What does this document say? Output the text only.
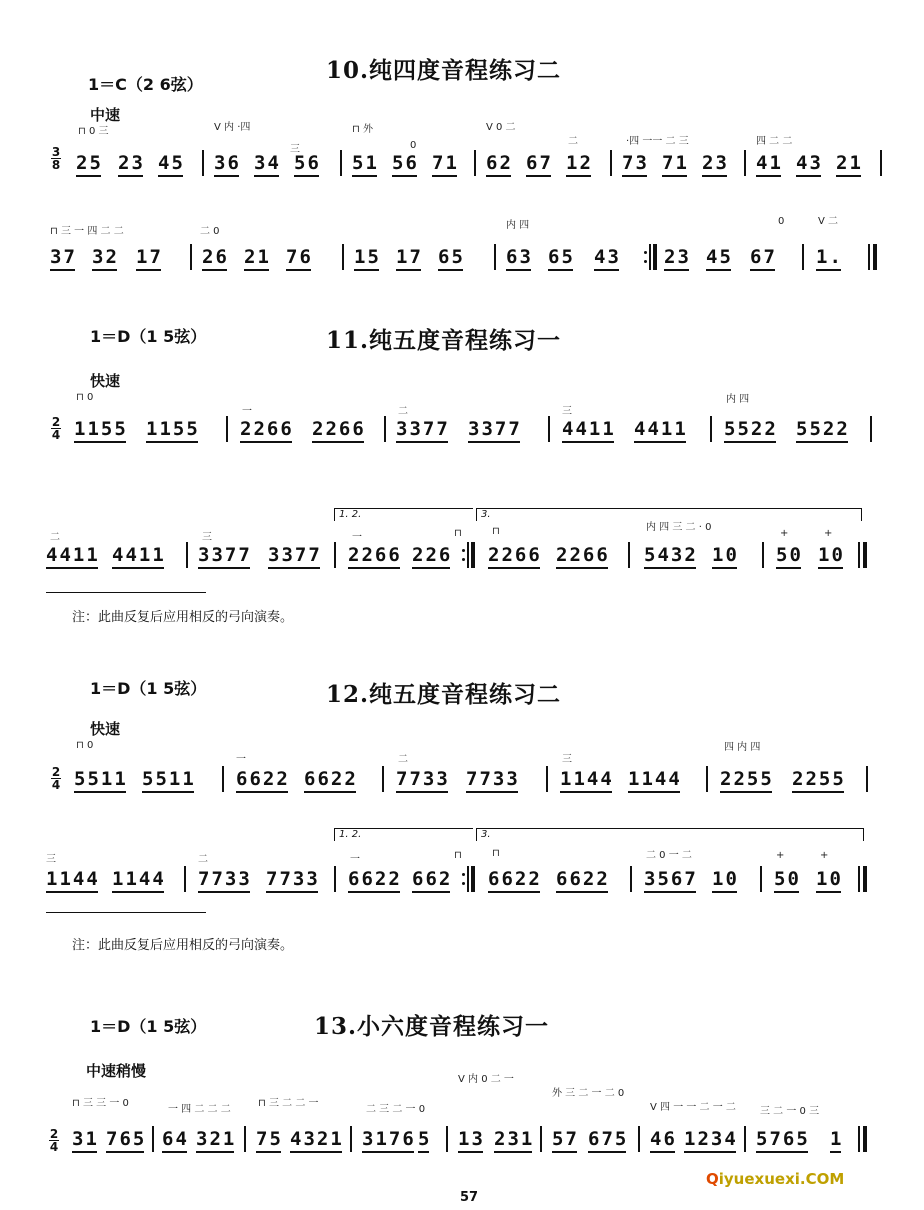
1＝C（2 6弦）
10.纯四度音程练习二
中速
3
8
⊓ 0 三	V 内 ·四
三
⊓ 外
0
V 0 二
二	·四 一一 二 三	四 二 二
25 23 45 36 34 56 51 56 71 62 67 12 73 71 23 41 43 21
⊓ 三 一 四 二 二	二 0
内 四	0	V 二
37 32 17 26 21 76 15 17 65 63 65 43 23 45 67 1.
1＝D（1 5弦）	11.纯五度音程练习一
快速
2
4
⊓ 0
一	二	三
内 四
1155 1155 2266 2266 3377 3377 4411 4411 5522 5522
1. 2.	3.
二	三	一	⊓	⊓	内 四 三 二 · 0
+	+
4411 4411 3377 3377 2266 226 2266 2266 5432 10 50 10
注：此曲反复后应用相反的弓向演奏。
1＝D（1 5弦）	12.纯五度音程练习二
快速
2
4
⊓ 0
一	二	三
四 内 四
5511 5511 6622 6622 7733 7733 1144 1144 2255 2255
1. 2.	3.
三	二	一	⊓	⊓	二 0 一 二	+	+
1144 1144 7733 7733 6622 662 6622 6622 3567 10 50 10
注：此曲反复后应用相反的弓向演奏。
1＝D（1 5弦）	13.小六度音程练习一
中速稍慢
2
4
⊓ 三 三 一 0
一 四 二 二 二
⊓ 三 二 二 一
二 三 二 一 0
V 内 0 二 一
外 三 二 一 二 0
V 四 一 一 二 一 二 三 二 一 0 三
31 765 64 321 75 4321 3176 5 13 231 57 675 46 1234 5765 1
57
Qiyuexuexi.COM
